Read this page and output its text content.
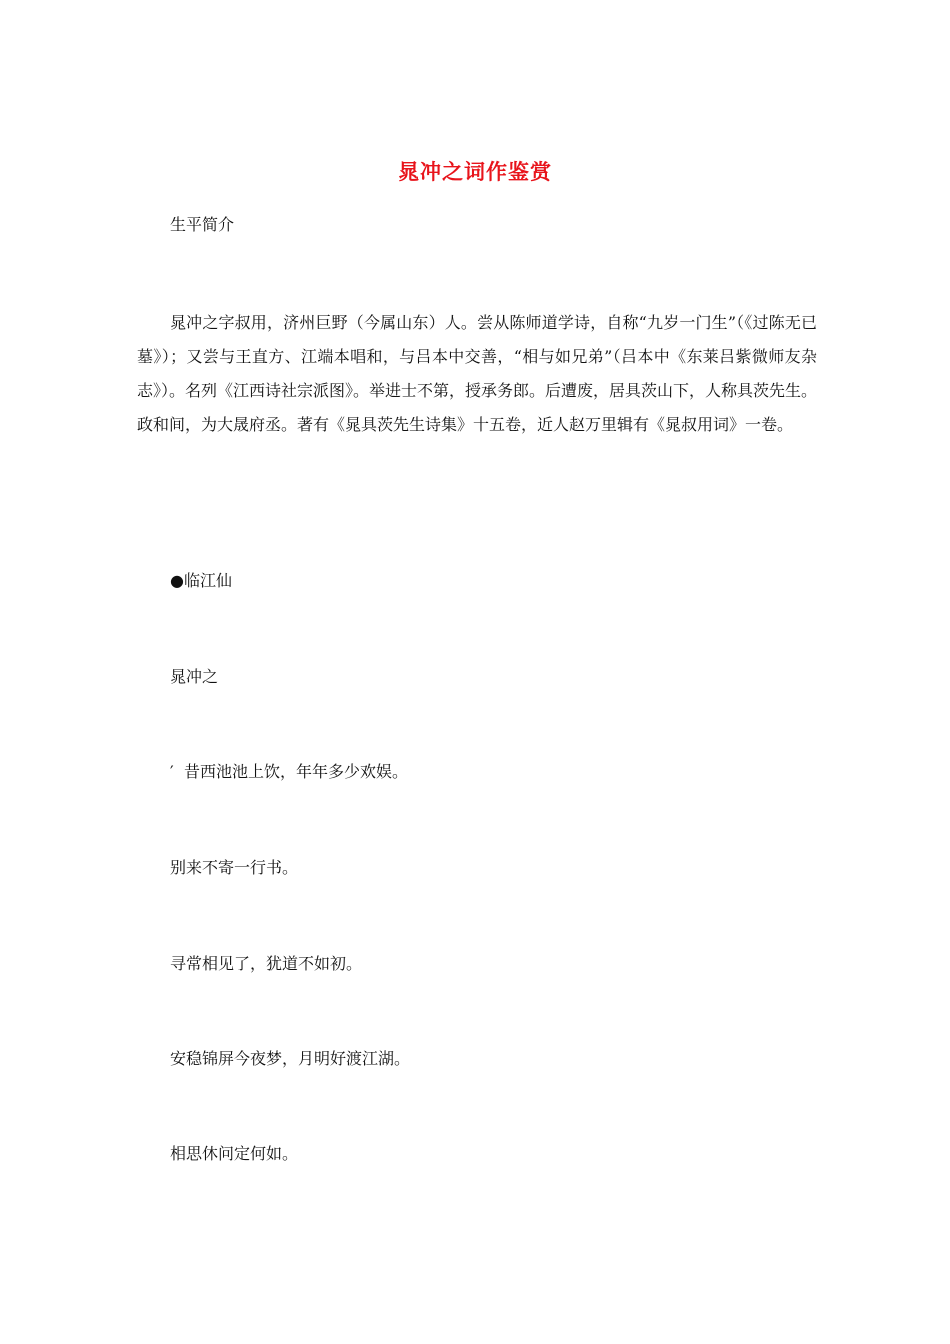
晁冲之词作鉴赏
生平简介
晁冲之字叔用，济州巨野（今属山东）人。尝从陈师道学诗，自称“九岁一门生”（《过陈无已墓》）；又尝与王直方、江端本唱和，与吕本中交善，“相与如兄弟”（吕本中《东莱吕紫微师友杂志》）。名列《江西诗社宗派图》。举进士不第，授承务郎。后遭废，居具茨山下，人称具茨先生。政和间，为大晟府丞。著有《晁具茨先生诗集》十五卷，近人赵万里辑有《晁叔用词》一卷。
●临江仙
晁冲之
′ 昔西池池上饮，年年多少欢娱。
别来不寄一行书。
寻常相见了，犹道不如初。
安稳锦屏今夜梦，月明好渡江湖。
相思休问定何如。
